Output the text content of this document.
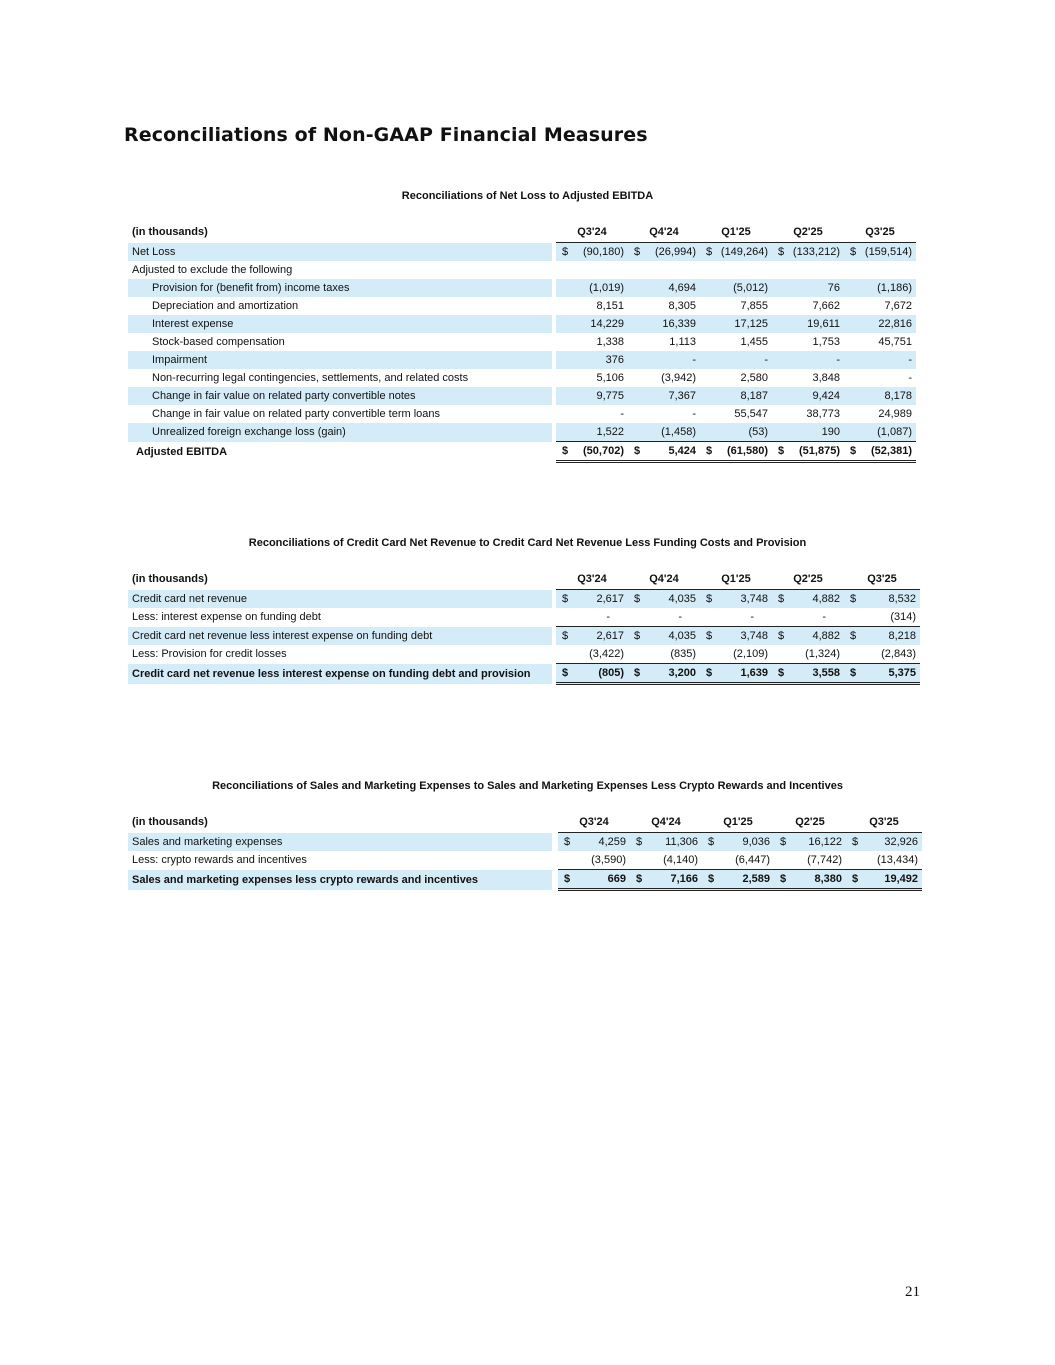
Reconciliations of Non-GAAP Financial Measures
Reconciliations of Net Loss to Adjusted EBITDA
(in thousands)		Q3'24		Q4'24		Q1'25		Q2'25		Q3'25	
Net Loss		$	(90,180)	$	(26,994)	$	(149,264)	$	(133,212)	$	(159,514)
Adjusted to exclude the following											
Provision for (benefit from) income taxes			(1,019)		4,694		(5,012)		76		(1,186)
Depreciation and amortization			8,151		8,305		7,855		7,662		7,672
Interest expense			14,229		16,339		17,125		19,611		22,816
Stock-based compensation			1,338		1,113		1,455		1,753		45,751
Impairment			376		-		-		-		-
Non-recurring legal contingencies, settlements, and related costs			5,106		(3,942)		2,580		3,848		-
Change in fair value on related party convertible notes			9,775		7,367		8,187		9,424		8,178
Change in fair value on related party convertible term loans			-		-		55,547		38,773		24,989
Unrealized foreign exchange loss (gain)			1,522		(1,458)		(53)		190		(1,087)
Adjusted EBITDA		$	(50,702)	$	5,424	$	(61,580)	$	(51,875)	$	(52,381)
Reconciliations of Credit Card Net Revenue to Credit Card Net Revenue Less Funding Costs and Provision
(in thousands)		Q3'24		Q4'24		Q1'25		Q2'25		Q3'25	
Credit card net revenue		$	2,617	$	4,035	$	3,748	$	4,882	$	8,532
Less: interest expense on funding debt			-		-		-		-		(314)
Credit card net revenue less interest expense on funding debt		$	2,617	$	4,035	$	3,748	$	4,882	$	8,218
Less: Provision for credit losses			(3,422)		(835)		(2,109)		(1,324)		(2,843)
Credit card net revenue less interest expense on funding debt and provision		$	(805)	$	3,200	$	1,639	$	3,558	$	5,375
Reconciliations of Sales and Marketing Expenses to Sales and Marketing Expenses Less Crypto Rewards and Incentives
(in thousands)		Q3'24		Q4'24		Q1'25		Q2'25		Q3'25	
Sales and marketing expenses		$	4,259	$	11,306	$	9,036	$	16,122	$	32,926
Less: crypto rewards and incentives			(3,590)		(4,140)		(6,447)		(7,742)		(13,434)
Sales and marketing expenses less crypto rewards and incentives		$	669	$	7,166	$	2,589	$	8,380	$	19,492
21
